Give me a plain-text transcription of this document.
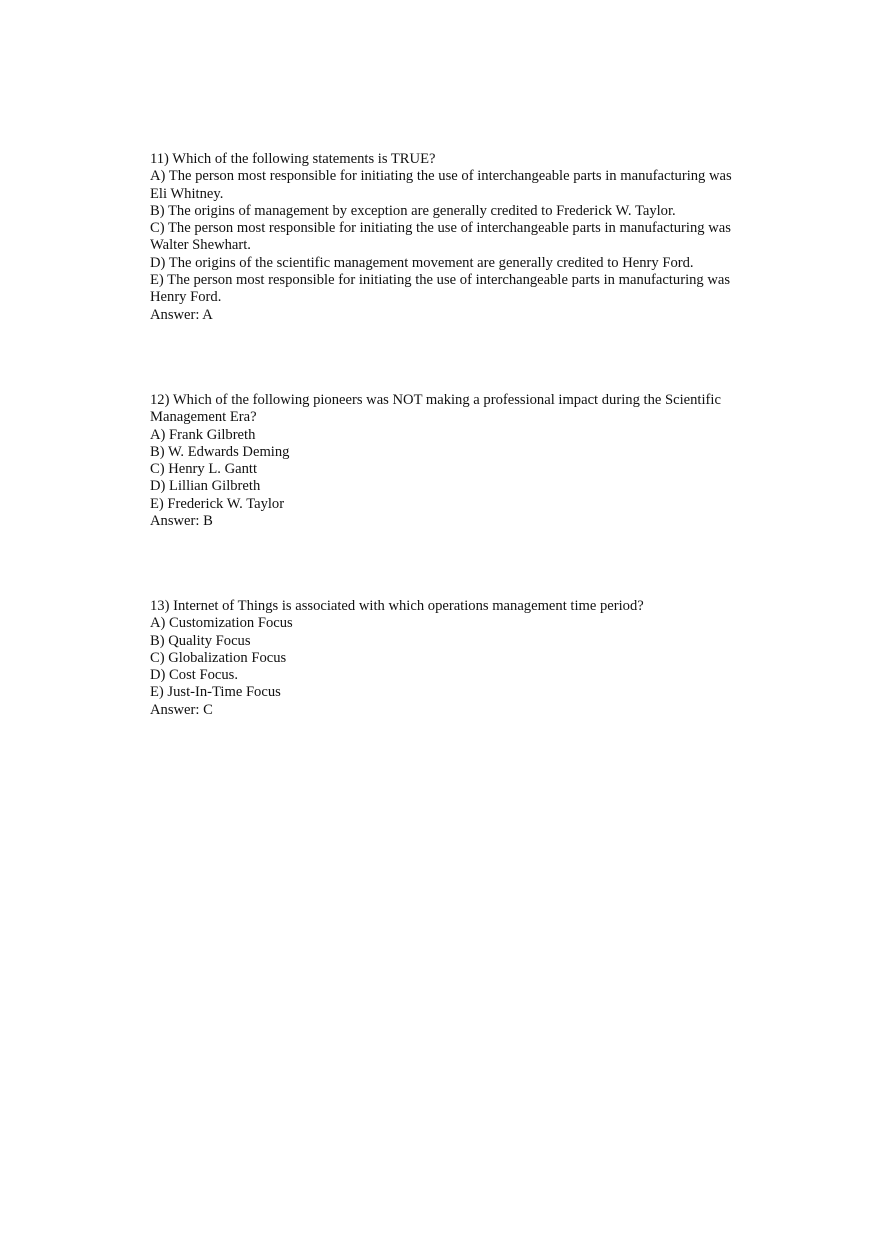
11) Which of the following statements is TRUE?
A) The person most responsible for initiating the use of interchangeable parts in manufacturing was Eli Whitney.
B) The origins of management by exception are generally credited to Frederick W. Taylor.
C) The person most responsible for initiating the use of interchangeable parts in manufacturing was Walter Shewhart.
D) The origins of the scientific management movement are generally credited to Henry Ford.
E) The person most responsible for initiating the use of interchangeable parts in manufacturing was Henry Ford.
Answer: A
12) Which of the following pioneers was NOT making a professional impact during the Scientific Management Era?
A) Frank Gilbreth
B) W. Edwards Deming
C) Henry L. Gantt
D) Lillian Gilbreth
E) Frederick W. Taylor
Answer: B
13) Internet of Things is associated with which operations management time period?
A) Customization Focus
B) Quality Focus
C) Globalization Focus
D) Cost Focus.
E) Just-In-Time Focus
Answer: C
